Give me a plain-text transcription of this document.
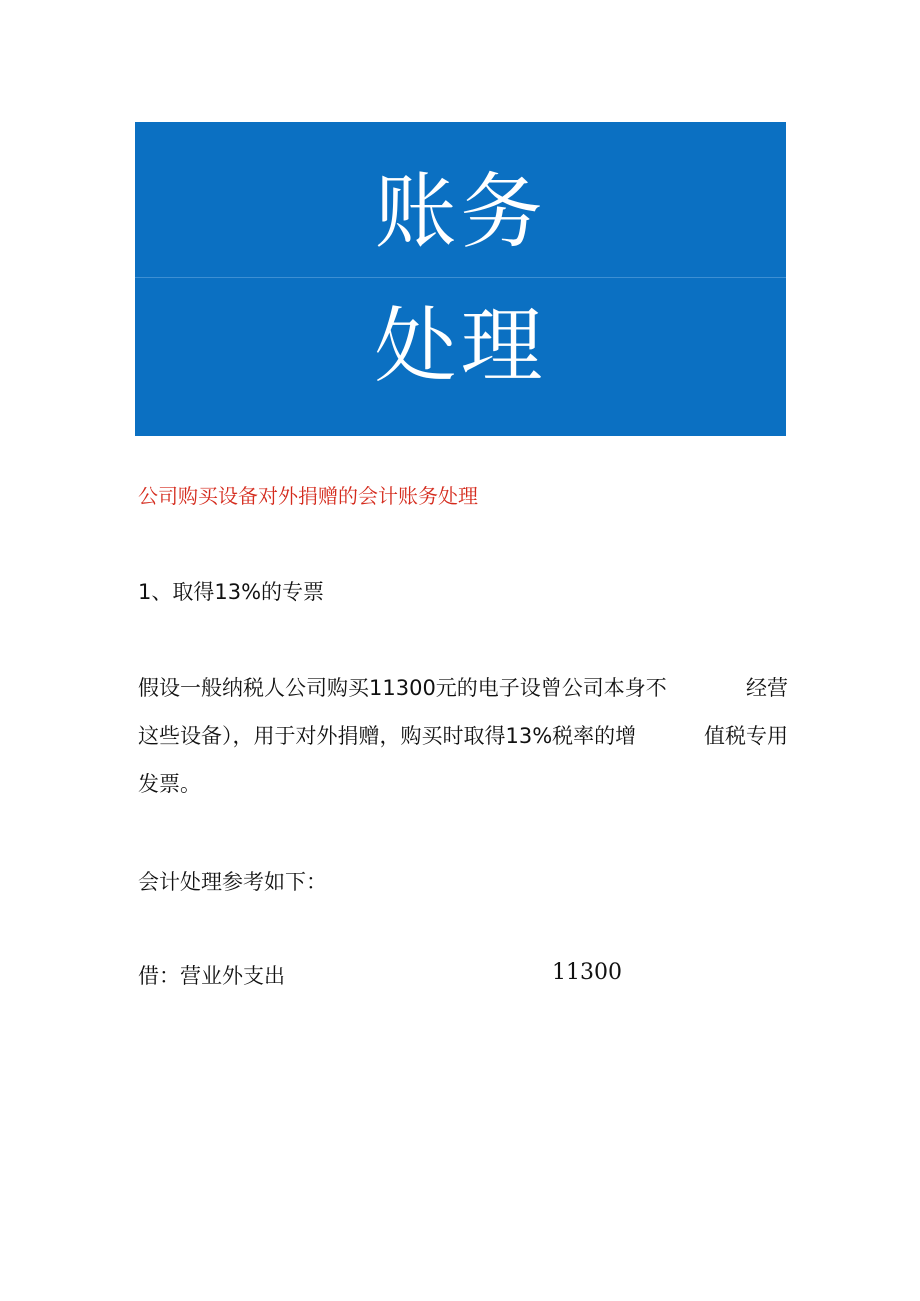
账务
处理
公司购买设备对外捐赠的会计账务处理
1、取得13%的专票
假设一般纳税人公司购买11300元的电子设曾公司本身不	经营
这些设备），用于对外捐赠，购买时取得13%税率的增	值税专用
发票。
会计处理参考如下：
借：营业外支出	11300
